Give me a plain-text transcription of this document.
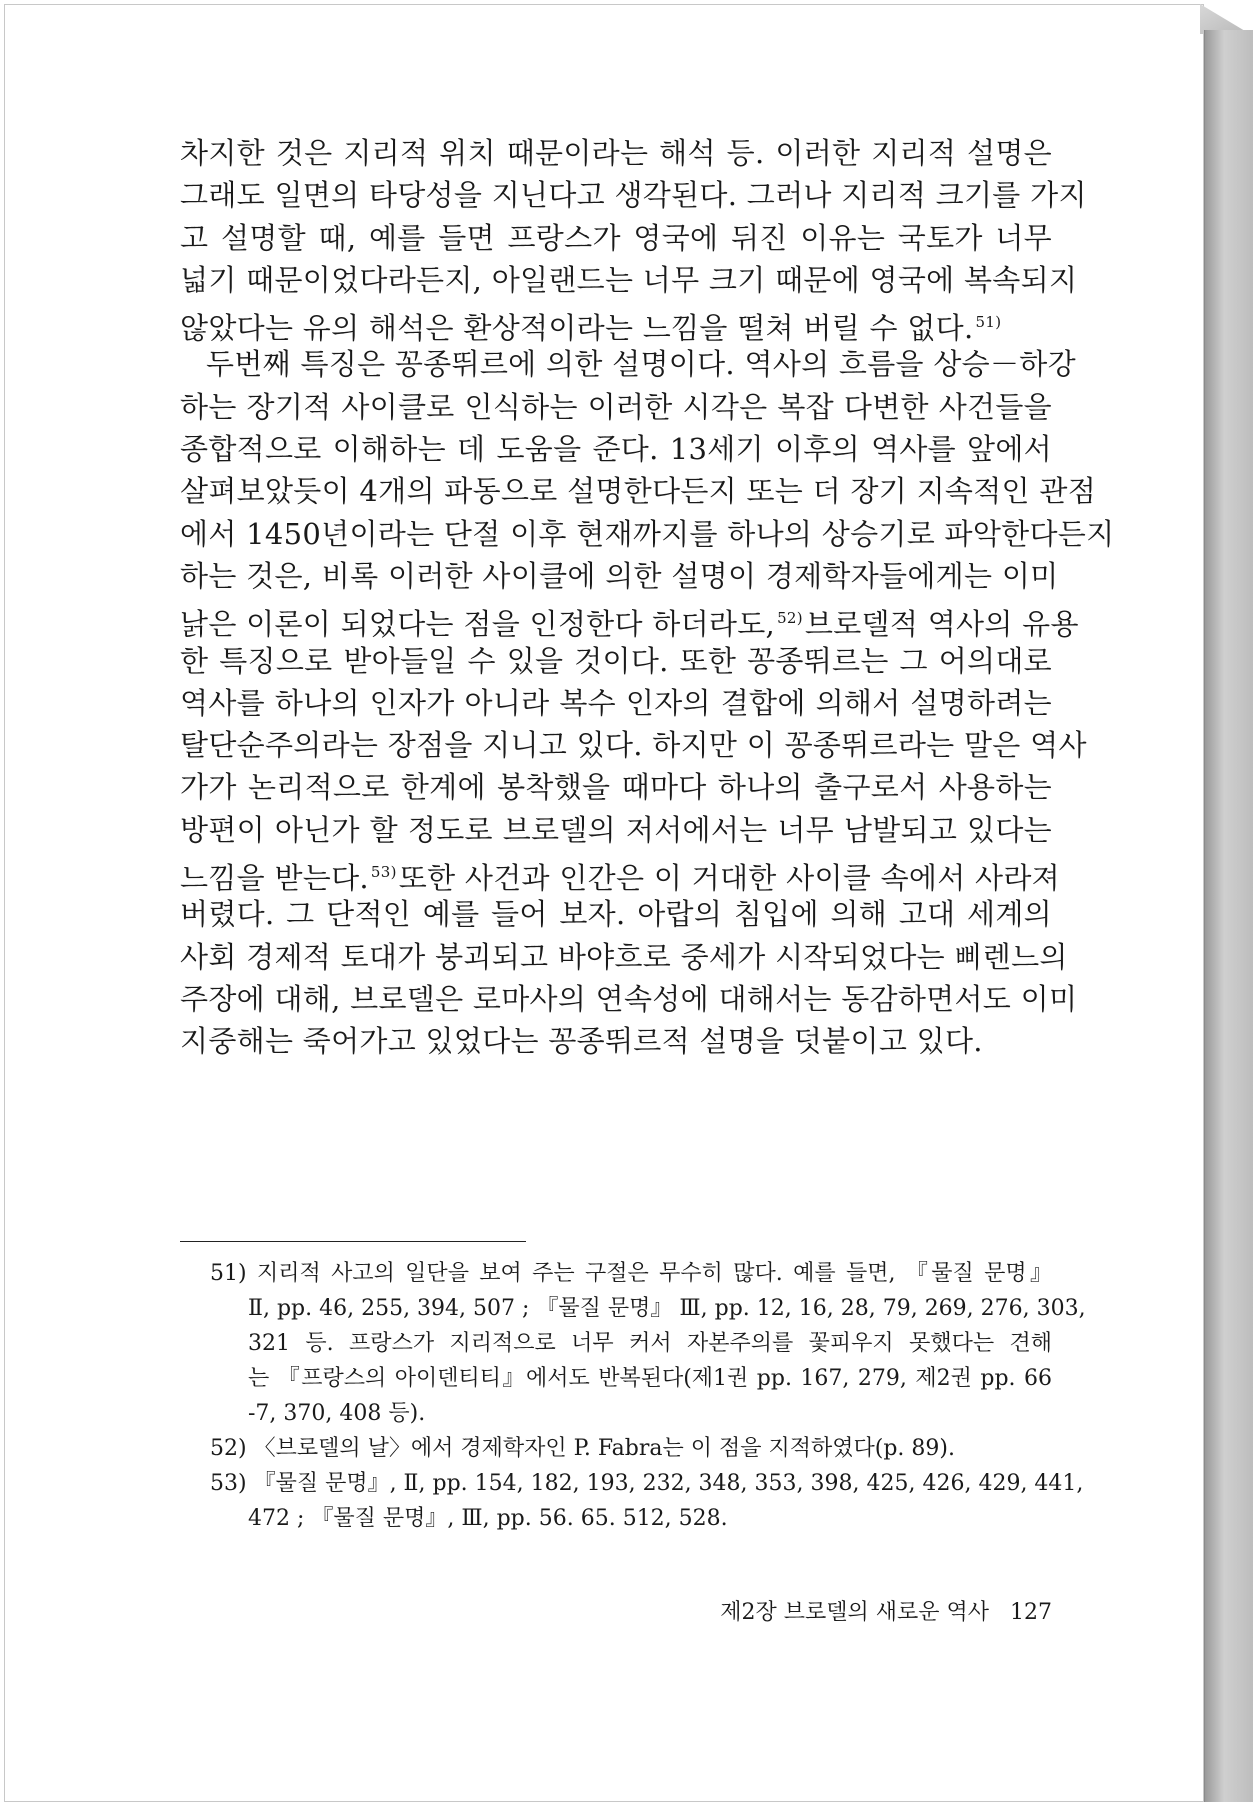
차지한 것은 지리적 위치 때문이라는 해석 등. 이러한 지리적 설명은
그래도 일면의 타당성을 지닌다고 생각된다. 그러나 지리적 크기를 가지
고 설명할 때, 예를 들면 프랑스가 영국에 뒤진 이유는 국토가 너무
넓기 때문이었다라든지, 아일랜드는 너무 크기 때문에 영국에 복속되지
않았다는 유의 해석은 환상적이라는 느낌을 떨쳐 버릴 수 없다. $^{51)}$
두번째 특징은 꽁종뛰르에 의한 설명이다. 역사의 흐름을 상승－하강
하는 장기적 사이클로 인식하는 이러한 시각은 복잡 다변한 사건들을
종합적으로 이해하는 데 도움을 준다. 13세기 이후의 역사를 앞에서
살펴보았듯이 4개의 파동으로 설명한다든지 또는 더 장기 지속적인 관점
에서 1450년이라는 단절 이후 현재까지를 하나의 상승기로 파악한다든지
하는 것은, 비록 이러한 사이클에 의한 설명이 경제학자들에게는 이미
낡은 이론이 되었다는 점을 인정한다 하더라도, $^{52)}$브로델적 역사의 유용
한 특징으로 받아들일 수 있을 것이다. 또한 꽁종뛰르는 그 어의대로
역사를 하나의 인자가 아니라 복수 인자의 결합에 의해서 설명하려는
탈단순주의라는 장점을 지니고 있다. 하지만 이 꽁종뛰르라는 말은 역사
가가 논리적으로 한계에 봉착했을 때마다 하나의 출구로서 사용하는
방편이 아닌가 할 정도로 브로델의 저서에서는 너무 남발되고 있다는
느낌을 받는다. $^{53)}$또한 사건과 인간은 이 거대한 사이클 속에서 사라져
버렸다. 그 단적인 예를 들어 보자. 아랍의 침입에 의해 고대 세계의
사회 경제적 토대가 붕괴되고 바야흐로 중세가 시작되었다는 삐렌느의
주장에 대해, 브로델은 로마사의 연속성에 대해서는 동감하면서도 이미
지중해는 죽어가고 있었다는 꽁종뛰르적 설명을 덧붙이고 있다.
51) 지리적 사고의 일단을 보여 주는 구절은 무수히 많다. 예를 들면, 『물질 문명』
Ⅱ, pp. 46, 255, 394, 507 ; 『물질 문명』 Ⅲ, pp. 12, 16, 28, 79, 269, 276, 303,
321 등. 프랑스가 지리적으로 너무 커서 자본주의를 꽃피우지 못했다는 견해
는 『프랑스의 아이덴티티』에서도 반복된다(제1권 pp. 167, 279, 제2권 pp. 66
-7, 370, 408 등).
52) 〈브로델의 날〉에서 경제학자인 P. Fabra는 이 점을 지적하였다(p. 89).
53) 『물질 문명』, Ⅱ, pp. 154, 182, 193, 232, 348, 353, 398, 425, 426, 429, 441,
472 ; 『물질 문명』, Ⅲ, pp. 56. 65. 512, 528.
제2장 브로델의 새로운 역사 127
